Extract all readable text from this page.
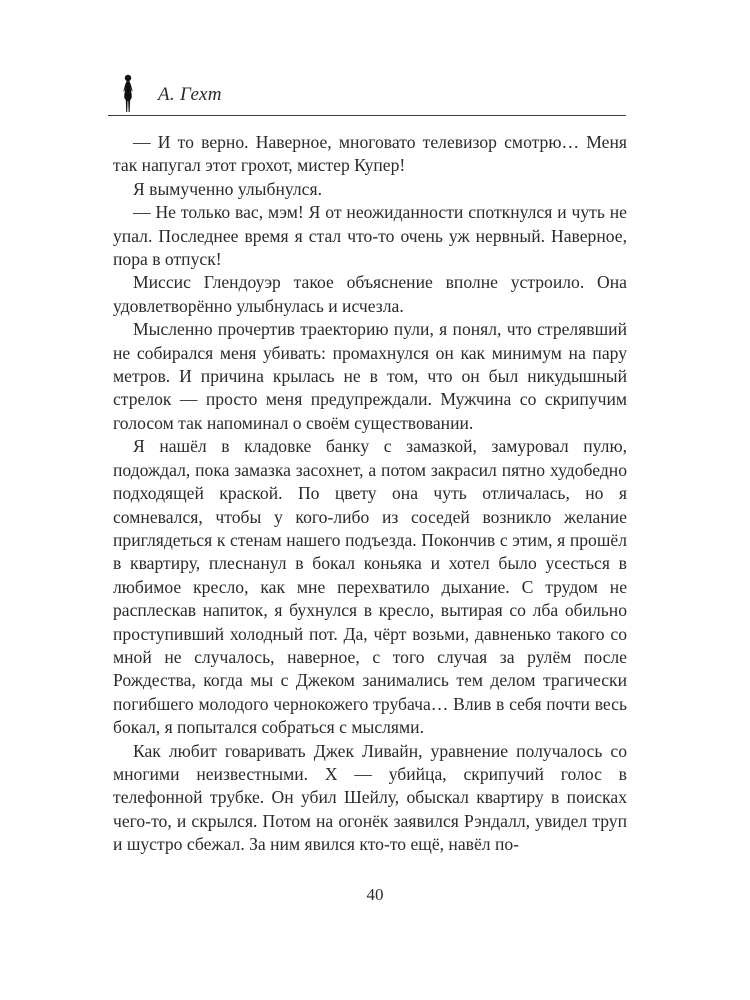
А. Гехт

— И то верно. Наверное, многовато телевизор смотрю… Меня так напугал этот грохот, мистер Купер!

Я вымученно улыбнулся.

— Не только вас, мэм! Я от неожиданности споткнулся и чуть не упал. Последнее время я стал что-то очень уж нервный. Наверное, пора в отпуск!

Миссис Глендоуэр такое объяснение вполне устроило. Она удовлетворённо улыбнулась и исчезла.

Мысленно прочертив траекторию пули, я понял, что стрелявший не собирался меня убивать: промахнулся он как минимум на пару метров. И причина крылась не в том, что он был никудышный стрелок — просто меня предупреждали. Мужчина со скрипучим голосом так напоминал о своём существовании.

Я нашёл в кладовке банку с замазкой, замуровал пулю, подождал, пока замазка засохнет, а потом закрасил пятно худобедно подходящей краской. По цвету она чуть отличалась, но я сомневался, чтобы у кого-либо из соседей возникло желание приглядеться к стенам нашего подъезда. Покончив с этим, я прошёл в квартиру, плеснанул в бокал коньяка и хотел было усесться в любимое кресло, как мне перехватило дыхание. С трудом не расплескав напиток, я бухнулся в кресло, вытирая со лба обильно проступивший холодный пот. Да, чёрт возьми, давненько такого со мной не случалось, наверное, с того случая за рулём после Рождества, когда мы с Джеком занимались тем делом трагически погибшего молодого чернокожего трубача… Влив в себя почти весь бокал, я попытался собраться с мыслями.

Как любит говаривать Джек Ливайн, уравнение получалось со многими неизвестными. Х — убийца, скрипучий голос в телефонной трубке. Он убил Шейлу, обыскал квартиру в поисках чего-то, и скрылся. Потом на огонёк заявился Рэндалл, увидел труп и шустро сбежал. За ним явился кто-то ещё, навёл по-

40
